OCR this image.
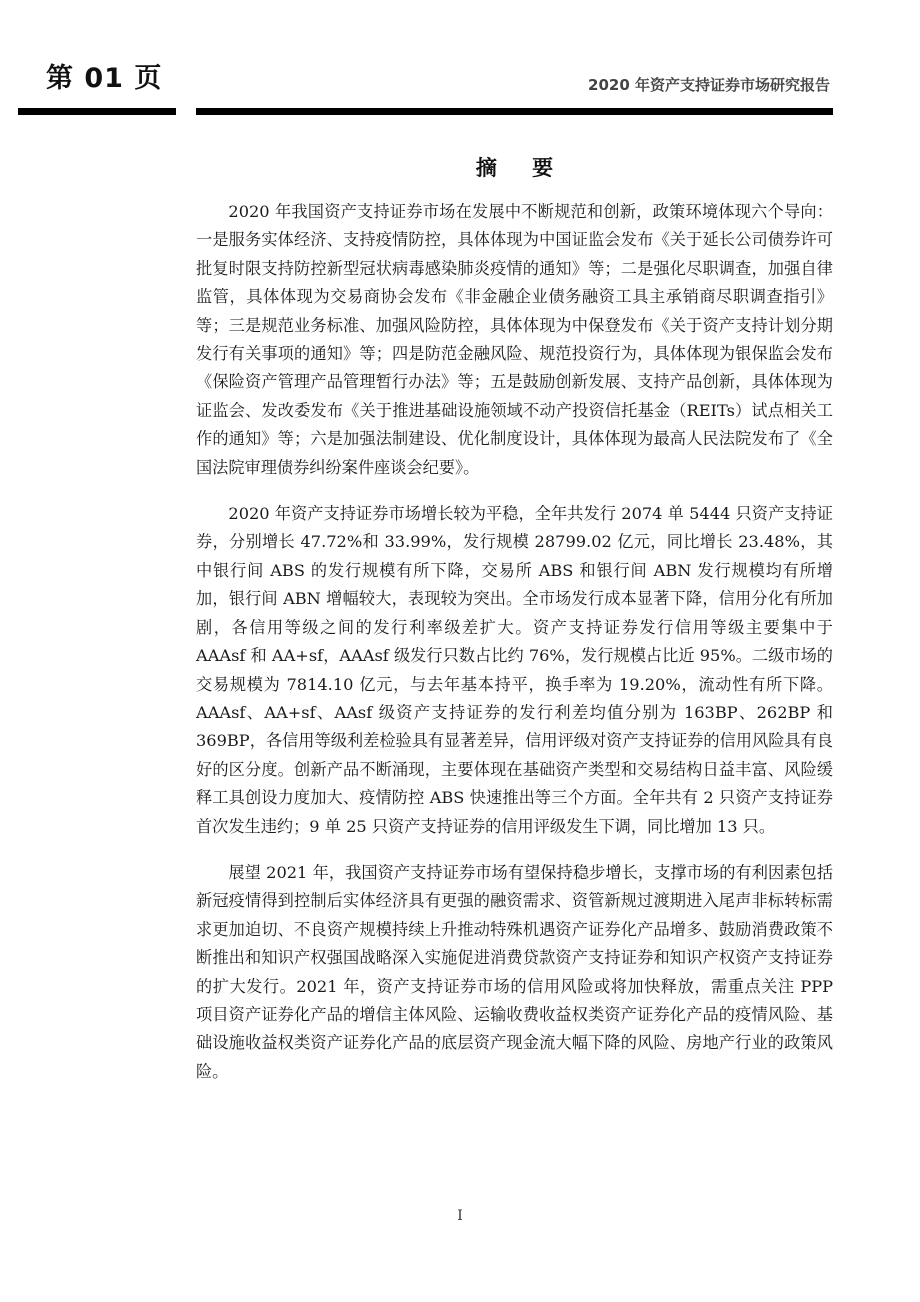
第 01 页	2020 年资产支持证券市场研究报告
摘 要

2020 年我国资产支持证券市场在发展中不断规范和创新，政策环境体现六个导向：一是服务实体经济、支持疫情防控，具体体现为中国证监会发布《关于延长公司债券许可批复时限支持防控新型冠状病毒感染肺炎疫情的通知》等；二是强化尽职调查，加强自律监管，具体体现为交易商协会发布《非金融企业债务融资工具主承销商尽职调查指引》等；三是规范业务标准、加强风险防控，具体体现为中保登发布《关于资产支持计划分期发行有关事项的通知》等；四是防范金融风险、规范投资行为，具体体现为银保监会发布《保险资产管理产品管理暂行办法》等；五是鼓励创新发展、支持产品创新，具体体现为证监会、发改委发布《关于推进基础设施领域不动产投资信托基金（REITs）试点相关工作的通知》等；六是加强法制建设、优化制度设计，具体体现为最高人民法院发布了《全国法院审理债券纠纷案件座谈会纪要》。

2020 年资产支持证券市场增长较为平稳，全年共发行 2074 单 5444 只资产支持证券，分别增长 47.72%和 33.99%，发行规模 28799.02 亿元，同比增长 23.48%，其中银行间 ABS 的发行规模有所下降，交易所 ABS 和银行间 ABN 发行规模均有所增加，银行间 ABN 增幅较大，表现较为突出。全市场发行成本显著下降，信用分化有所加剧，各信用等级之间的发行利率级差扩大。资产支持证券发行信用等级主要集中于 AAAsf 和 AA+sf，AAAsf 级发行只数占比约 76%，发行规模占比近 95%。二级市场的交易规模为 7814.10 亿元，与去年基本持平，换手率为 19.20%，流动性有所下降。AAAsf、AA+sf、AAsf 级资产支持证券的发行利差均值分别为 163BP、262BP 和 369BP，各信用等级利差检验具有显著差异，信用评级对资产支持证券的信用风险具有良好的区分度。创新产品不断涌现，主要体现在基础资产类型和交易结构日益丰富、风险缓释工具创设力度加大、疫情防控 ABS 快速推出等三个方面。全年共有 2 只资产支持证券首次发生违约；9 单 25 只资产支持证券的信用评级发生下调，同比增加 13 只。

展望 2021 年，我国资产支持证券市场有望保持稳步增长，支撑市场的有利因素包括新冠疫情得到控制后实体经济具有更强的融资需求、资管新规过渡期进入尾声非标转标需求更加迫切、不良资产规模持续上升推动特殊机遇资产证券化产品增多、鼓励消费政策不断推出和知识产权强国战略深入实施促进消费贷款资产支持证券和知识产权资产支持证券的扩大发行。2021 年，资产支持证券市场的信用风险或将加快释放，需重点关注 PPP 项目资产证券化产品的增信主体风险、运输收费收益权类资产证券化产品的疫情风险、基础设施收益权类资产证券化产品的底层资产现金流大幅下降的风险、房地产行业的政策风险。

I
